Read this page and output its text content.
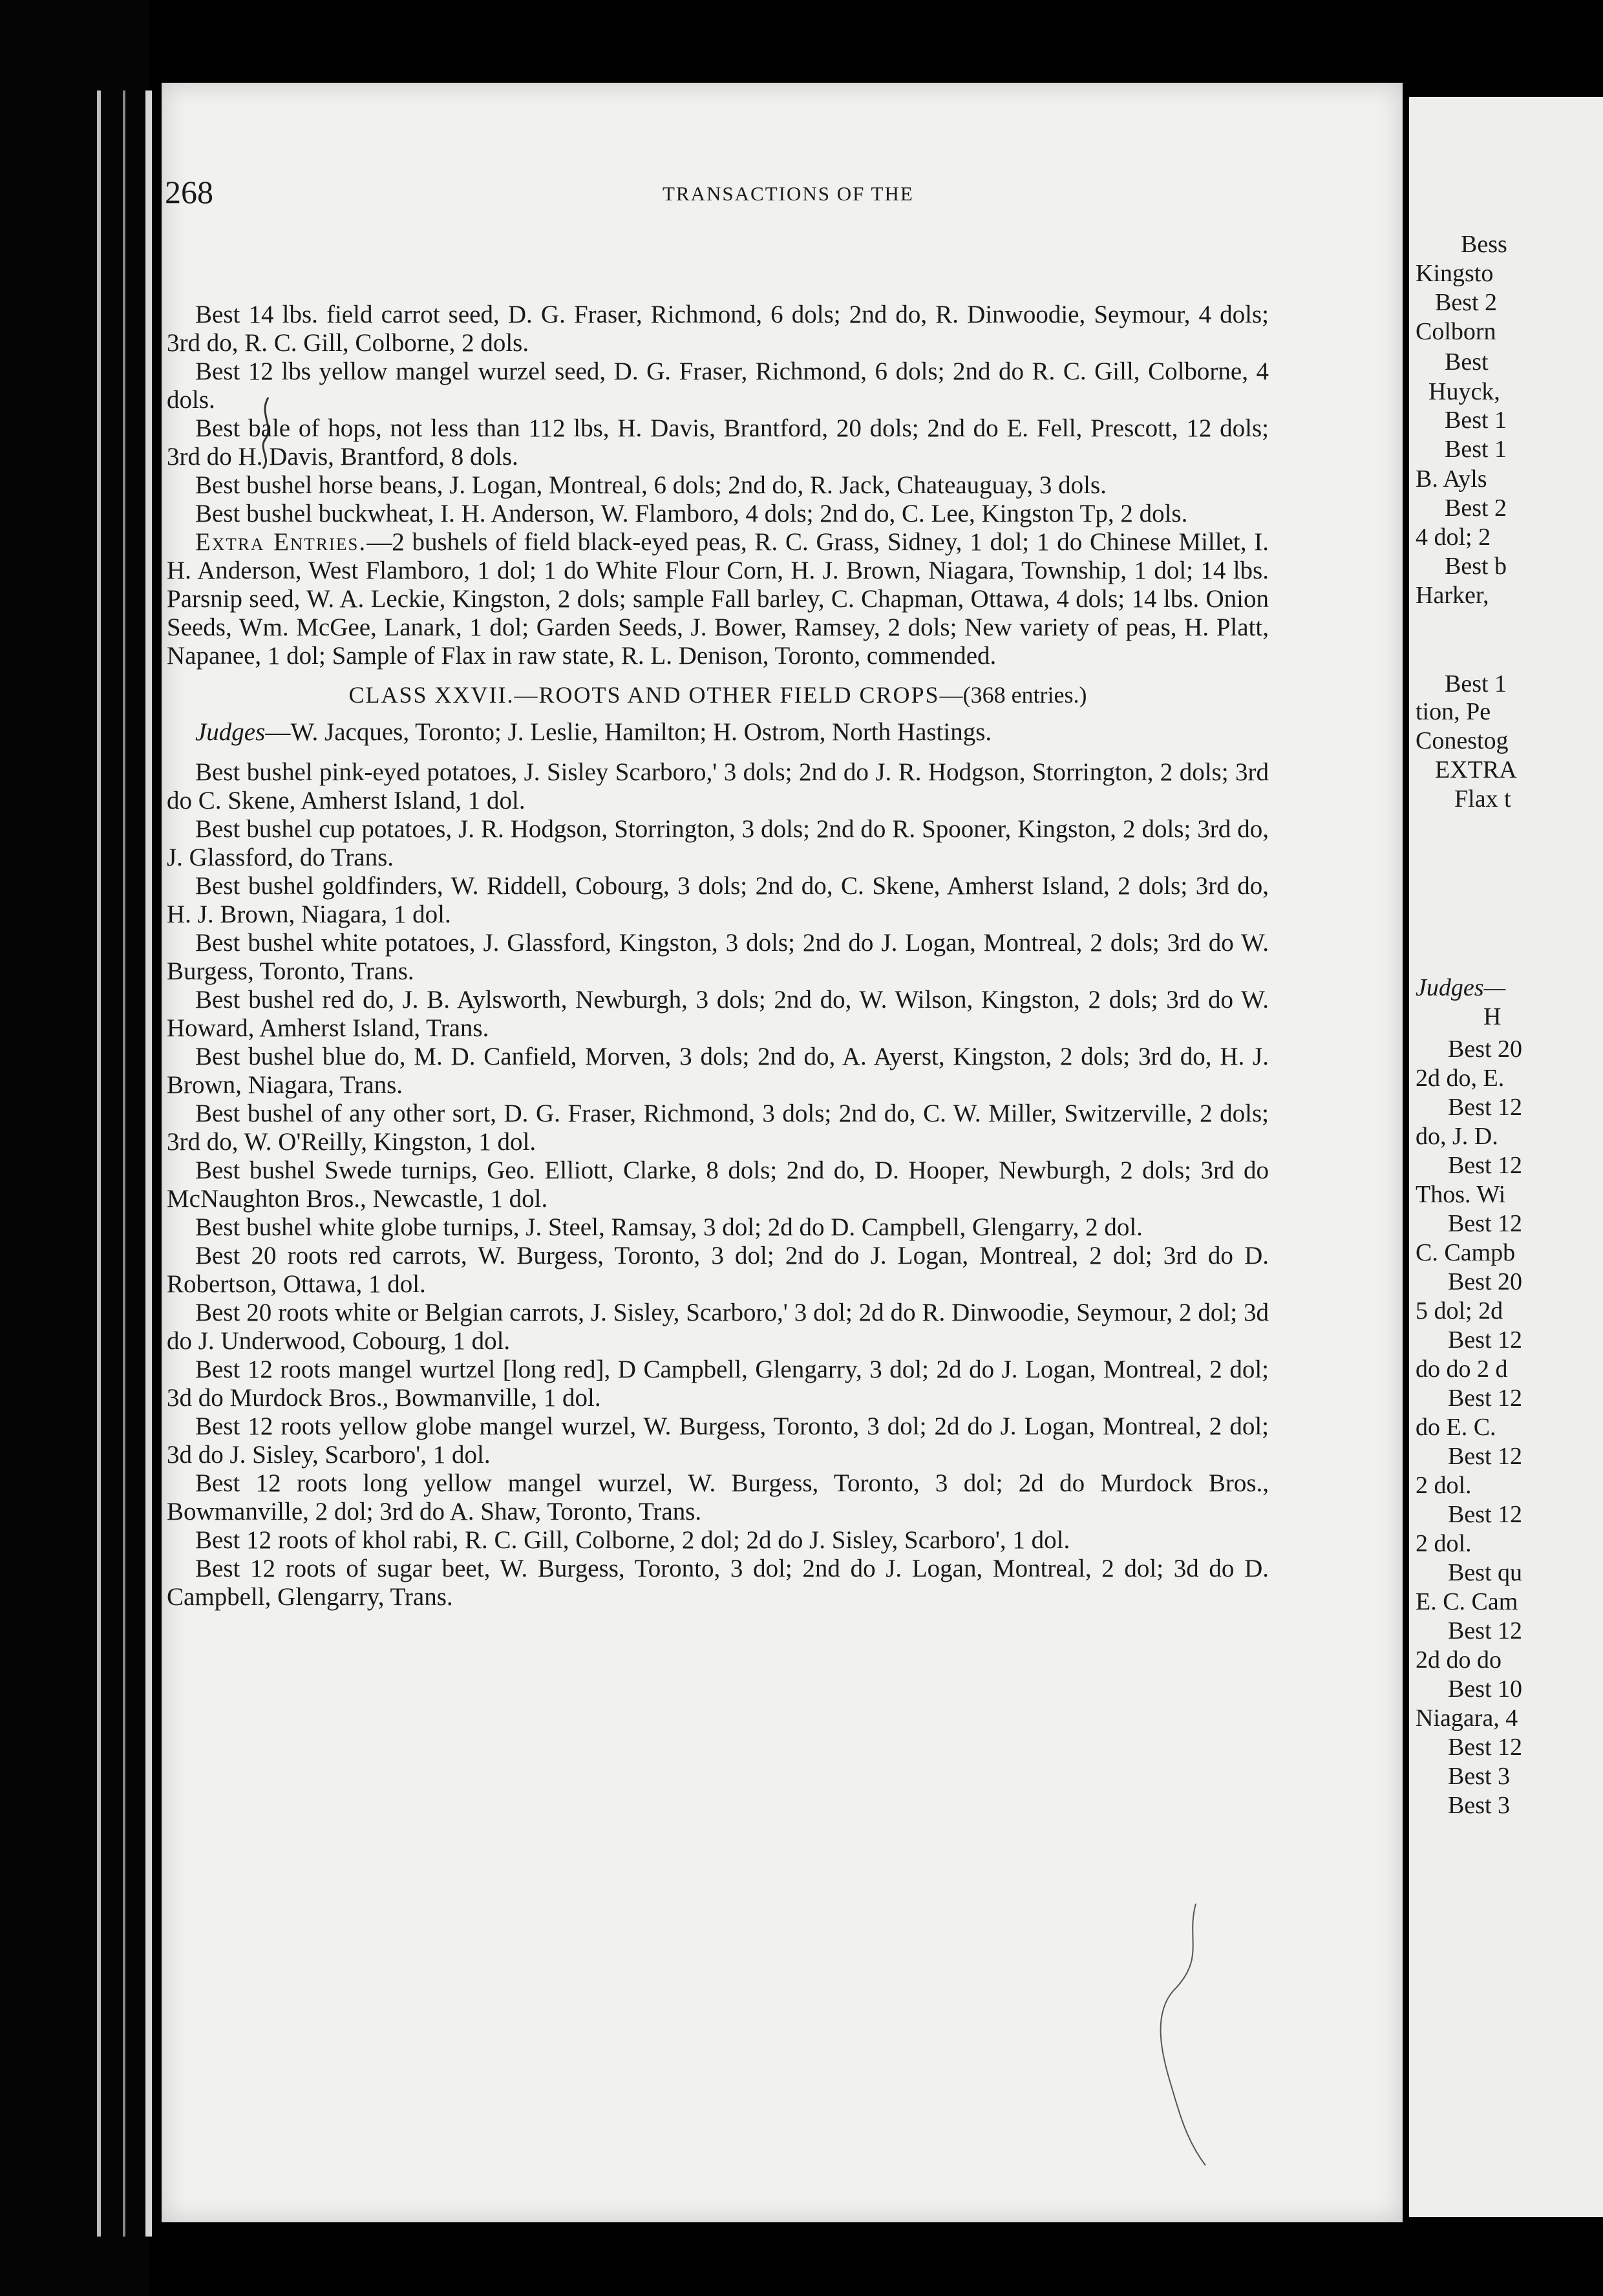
268	TRANSACTIONS OF THE

Best 14 lbs. field carrot seed, D. G. Fraser, Richmond, 6 dols; 2nd do, R. Dinwoodie, Seymour, 4 dols; 3rd do, R. C. Gill, Colborne, 2 dols.

Best 12 lbs yellow mangel wurzel seed, D. G. Fraser, Richmond, 6 dols; 2nd do R. C. Gill, Colborne, 4 dols.

Best bale of hops, not less than 112 lbs, H. Davis, Brantford, 20 dols; 2nd do E. Fell, Prescott, 12 dols; 3rd do H. Davis, Brantford, 8 dols.

Best bushel horse beans, J. Logan, Montreal, 6 dols; 2nd do, R. Jack, Chateauguay, 3 dols.

Best bushel buckwheat, I. H. Anderson, W. Flamboro, 4 dols; 2nd do, C. Lee, Kingston Tp, 2 dols.

Extra Entries.—2 bushels of field black-eyed peas, R. C. Grass, Sidney, 1 dol; 1 do Chinese Millet, I. H. Anderson, West Flamboro, 1 dol; 1 do White Flour Corn, H. J. Brown, Niagara, Township, 1 dol; 14 lbs. Parsnip seed, W. A. Leckie, Kingston, 2 dols; sample Fall barley, C. Chapman, Ottawa, 4 dols; 14 lbs. Onion Seeds, Wm. McGee, Lanark, 1 dol; Garden Seeds, J. Bower, Ramsey, 2 dols; New variety of peas, H. Platt, Napanee, 1 dol; Sample of Flax in raw state, R. L. Denison, Toronto, commended.

CLASS XXVII.—ROOTS AND OTHER FIELD CROPS—(368 entries.)

Judges—W. Jacques, Toronto; J. Leslie, Hamilton; H. Ostrom, North Hastings.

Best bushel pink-eyed potatoes, J. Sisley Scarboro,' 3 dols; 2nd do J. R. Hodgson, Storrington, 2 dols; 3rd do C. Skene, Amherst Island, 1 dol.

Best bushel cup potatoes, J. R. Hodgson, Storrington, 3 dols; 2nd do R. Spooner, Kingston, 2 dols; 3rd do, J. Glassford, do Trans.

Best bushel goldfinders, W. Riddell, Cobourg, 3 dols; 2nd do, C. Skene, Amherst Island, 2 dols; 3rd do, H. J. Brown, Niagara, 1 dol.

Best bushel white potatoes, J. Glassford, Kingston, 3 dols; 2nd do J. Logan, Montreal, 2 dols; 3rd do W. Burgess, Toronto, Trans.

Best bushel red do, J. B. Aylsworth, Newburgh, 3 dols; 2nd do, W. Wilson, Kingston, 2 dols; 3rd do W. Howard, Amherst Island, Trans.

Best bushel blue do, M. D. Canfield, Morven, 3 dols; 2nd do, A. Ayerst, Kingston, 2 dols; 3rd do, H. J. Brown, Niagara, Trans.

Best bushel of any other sort, D. G. Fraser, Richmond, 3 dols; 2nd do, C. W. Miller, Switzerville, 2 dols; 3rd do, W. O'Reilly, Kingston, 1 dol.

Best bushel Swede turnips, Geo. Elliott, Clarke, 8 dols; 2nd do, D. Hooper, Newburgh, 2 dols; 3rd do McNaughton Bros., Newcastle, 1 dol.

Best bushel white globe turnips, J. Steel, Ramsay, 3 dol; 2d do D. Campbell, Glengarry, 2 dol.

Best 20 roots red carrots, W. Burgess, Toronto, 3 dol; 2nd do J. Logan, Montreal, 2 dol; 3rd do D. Robertson, Ottawa, 1 dol.

Best 20 roots white or Belgian carrots, J. Sisley, Scarboro,' 3 dol; 2d do R. Dinwoodie, Seymour, 2 dol; 3d do J. Underwood, Cobourg, 1 dol.

Best 12 roots mangel wurtzel [long red], D Campbell, Glengarry, 3 dol; 2d do J. Logan, Montreal, 2 dol; 3d do Murdock Bros., Bowmanville, 1 dol.

Best 12 roots yellow globe mangel wurzel, W. Burgess, Toronto, 3 dol; 2d do J. Logan, Montreal, 2 dol; 3d do J. Sisley, Scarboro', 1 dol.

Best 12 roots long yellow mangel wurzel, W. Burgess, Toronto, 3 dol; 2d do Murdock Bros., Bowmanville, 2 dol; 3rd do A. Shaw, Toronto, Trans.

Best 12 roots of khol rabi, R. C. Gill, Colborne, 2 dol; 2d do J. Sisley, Scarboro', 1 dol.

Best 12 roots of sugar beet, W. Burgess, Toronto, 3 dol; 2nd do J. Logan, Montreal, 2 dol; 3d do D. Campbell, Glengarry, Trans.

Bess
Kingsto
Best 2
Colborn
Best
Huyck,
Best 1
Best 1
B. Ayls
Best 2
4 dol; 2
Best b
Harker,
Best 1
tion, Pe
Conestog
EXTRA
Flax t
Judges—
H
Best 20
2d do, E.
Best 12
do, J. D.
Best 12
Thos. Wi
Best 12
C. Campb
Best 20
5 dol; 2d
Best 12
do do 2 d
Best 12
do E. C.
Best 12
2 dol.
Best 12
2 dol.
Best qu
E. C. Cam
Best 12
2d do do
Best 10
Niagara, 4
Best 12
Best 3
Best 3
